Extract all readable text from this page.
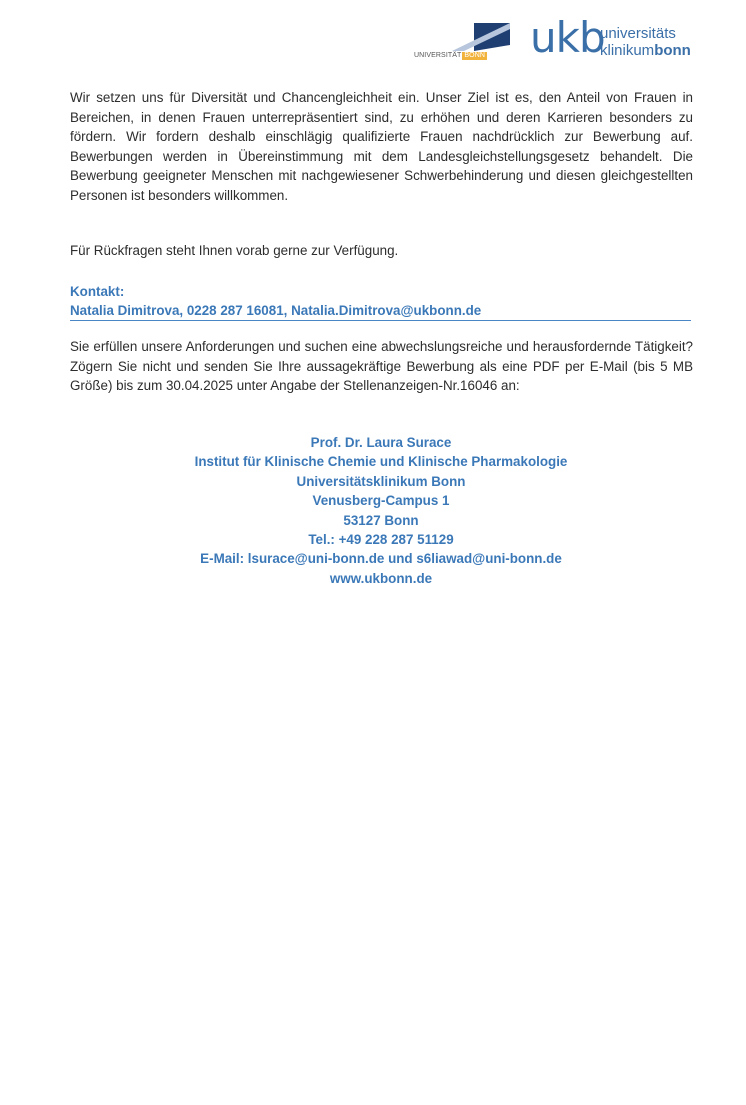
UNIVERSITÄT BONN ukb
universitäts
klinikumbonn
Wir setzen uns für Diversität und Chancengleichheit ein. Unser Ziel ist es, den Anteil von Frauen in Bereichen, in denen Frauen unterrepräsentiert sind, zu erhöhen und deren Karrieren besonders zu fördern. Wir fordern deshalb einschlägig qualifizierte Frauen nachdrücklich zur Bewerbung auf. Bewerbungen werden in Übereinstimmung mit dem Landesgleichstellungsgesetz behandelt. Die Bewerbung geeigneter Menschen mit nachgewiesener Schwerbehinderung und diesen gleichgestellten Personen ist besonders willkommen.
Für Rückfragen steht Ihnen vorab gerne zur Verfügung.
Kontakt:
Natalia Dimitrova, 0228 287 16081, Natalia.Dimitrova@ukbonn.de
Sie erfüllen unsere Anforderungen und suchen eine abwechslungsreiche und herausfordernde Tätigkeit? Zögern Sie nicht und senden Sie Ihre aussagekräftige Bewerbung als eine PDF per E-Mail (bis 5 MB Größe) bis zum 30.04.2025 unter Angabe der Stellenanzeigen-Nr.16046 an:
Prof. Dr. Laura Surace
Institut für Klinische Chemie und Klinische Pharmakologie
Universitätsklinikum Bonn
Venusberg-Campus 1
53127 Bonn
Tel.: +49 228 287 51129
E-Mail: lsurace@uni-bonn.de und s6liawad@uni-bonn.de
www.ukbonn.de
